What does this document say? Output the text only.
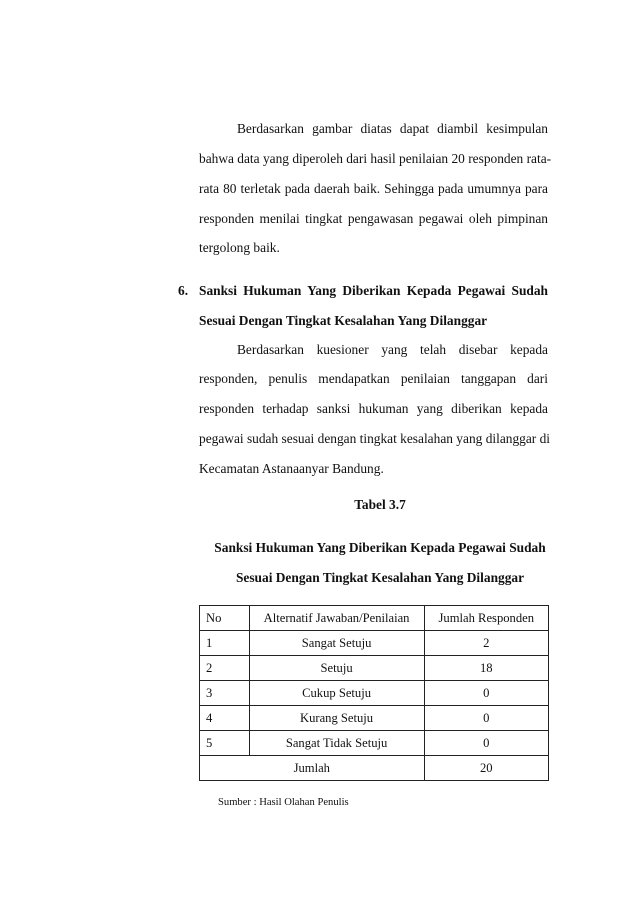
Berdasarkan gambar diatas dapat diambil kesimpulan
bahwa data yang diperoleh dari hasil penilaian 20 responden rata-
rata 80 terletak pada daerah baik. Sehingga pada umumnya para
responden menilai tingkat pengawasan pegawai oleh pimpinan
tergolong baik.
6. Sanksi Hukuman Yang Diberikan Kepada Pegawai Sudah
Sesuai Dengan Tingkat Kesalahan Yang Dilanggar
Berdasarkan kuesioner yang telah disebar kepada
responden, penulis mendapatkan penilaian tanggapan dari
responden terhadap sanksi hukuman yang diberikan kepada
pegawai sudah sesuai dengan tingkat kesalahan yang dilanggar di
Kecamatan Astanaanyar Bandung.
Tabel 3.7
Sanksi Hukuman Yang Diberikan Kepada Pegawai Sudah
Sesuai Dengan Tingkat Kesalahan Yang Dilanggar
No	Alternatif Jawaban/Penilaian	Jumlah Responden
1	Sangat Setuju	2
2	Setuju	18
3	Cukup Setuju	0
4	Kurang Setuju	0
5	Sangat Tidak Setuju	0
Jumlah		20
Sumber : Hasil Olahan Penulis
